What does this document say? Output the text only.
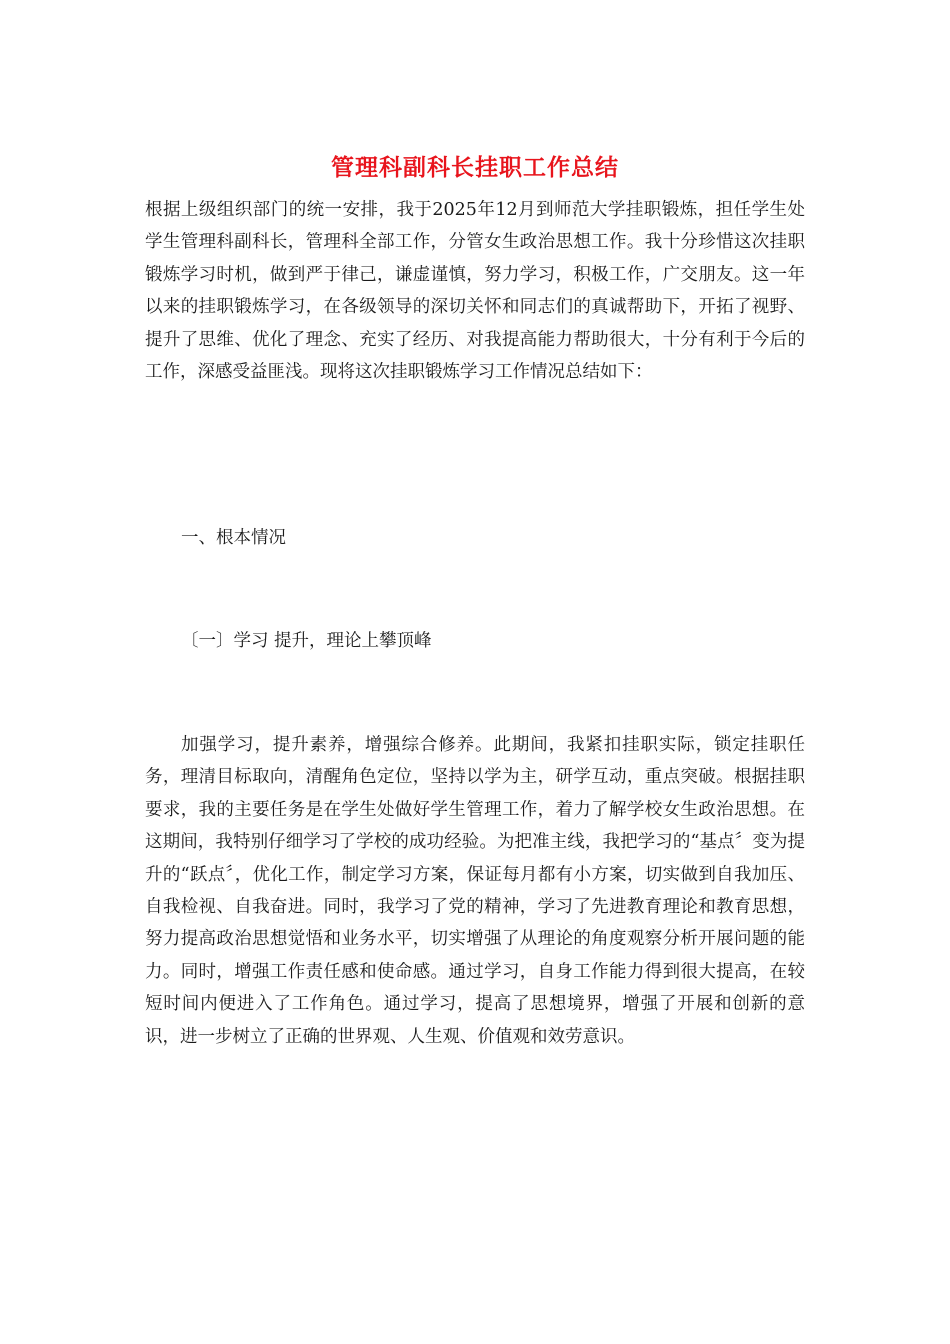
管理科副科长挂职工作总结

根据上级组织部门的统一安排，我于2025年12月到师范大学挂职锻炼，担任学生处学生管理科副科长，管理科全部工作，分管女生政治思想工作。我十分珍惜这次挂职锻炼学习时机，做到严于律己，谦虚谨慎，努力学习，积极工作，广交朋友。这一年以来的挂职锻炼学习，在各级领导的深切关怀和同志们的真诚帮助下，开拓了视野、提升了思维、优化了理念、充实了经历、对我提高能力帮助很大，十分有利于今后的工作，深感受益匪浅。现将这次挂职锻炼学习工作情况总结如下：

一、根本情况

〔一〕学习 提升，理论上攀顶峰

加强学习，提升素养，增强综合修养。此期间，我紧扣挂职实际，锁定挂职任务，理清目标取向，清醒角色定位，坚持以学为主，研学互动，重点突破。根据挂职要求，我的主要任务是在学生处做好学生管理工作，着力了解学校女生政治思想。在这期间，我特别仔细学习了学校的成功经验。为把准主线，我把学习的“基点〞变为提升的“跃点〞，优化工作，制定学习方案，保证每月都有小方案，切实做到自我加压、自我检视、自我奋进。同时，我学习了党的精神，学习了先进教育理论和教育思想，努力提高政治思想觉悟和业务水平，切实增强了从理论的角度观察分析开展问题的能力。同时，增强工作责任感和使命感。通过学习，自身工作能力得到很大提高，在较短时间内便进入了工作角色。通过学习，提高了思想境界，增强了开展和创新的意识，进一步树立了正确的世界观、人生观、价值观和效劳意识。
